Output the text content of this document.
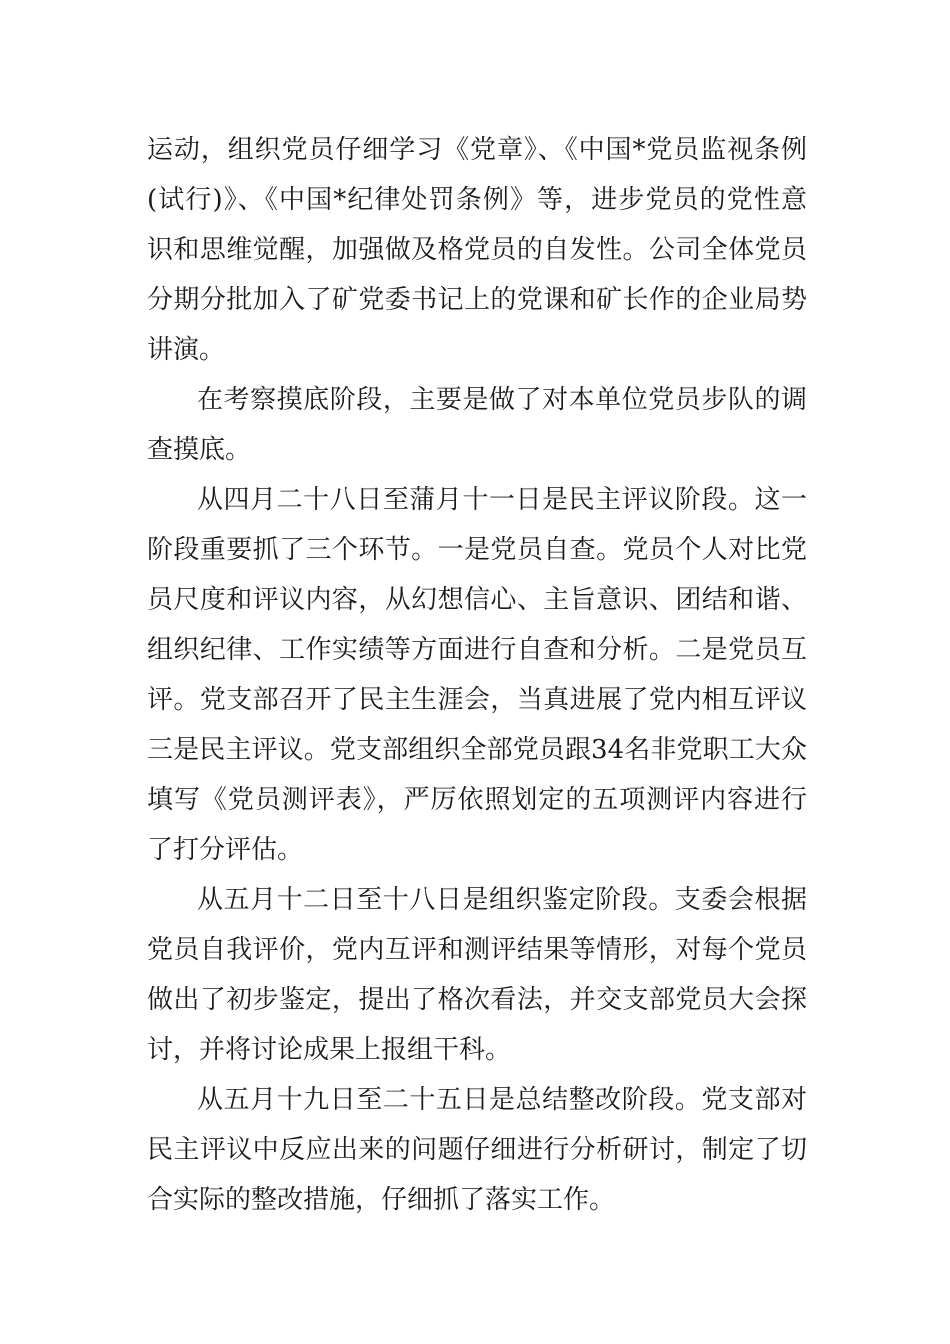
运动，组织党员仔细学习《党章》、《中国*党员监视条例
(试行)》、《中国*纪律处罚条例》等，进步党员的党性意
识和思维觉醒，加强做及格党员的自发性。公司全体党员
分期分批加入了矿党委书记上的党课和矿长作的企业局势
讲演。
在考察摸底阶段，主要是做了对本单位党员步队的调
查摸底。
从四月二十八日至蒲月十一日是民主评议阶段。这一
阶段重要抓了三个环节。一是党员自查。党员个人对比党
员尺度和评议内容，从幻想信心、主旨意识、团结和谐、
组织纪律、工作实绩等方面进行自查和分析。二是党员互
评。党支部召开了民主生涯会，当真进展了党内相互评议
三是民主评议。党支部组织全部党员跟34名非党职工大众
填写《党员测评表》，严厉依照划定的五项测评内容进行
了打分评估。
从五月十二日至十八日是组织鉴定阶段。支委会根据
党员自我评价，党内互评和测评结果等情形，对每个党员
做出了初步鉴定，提出了格次看法，并交支部党员大会探
讨，并将讨论成果上报组干科。
从五月十九日至二十五日是总结整改阶段。党支部对
民主评议中反应出来的问题仔细进行分析研讨，制定了切
合实际的整改措施，仔细抓了落实工作。
